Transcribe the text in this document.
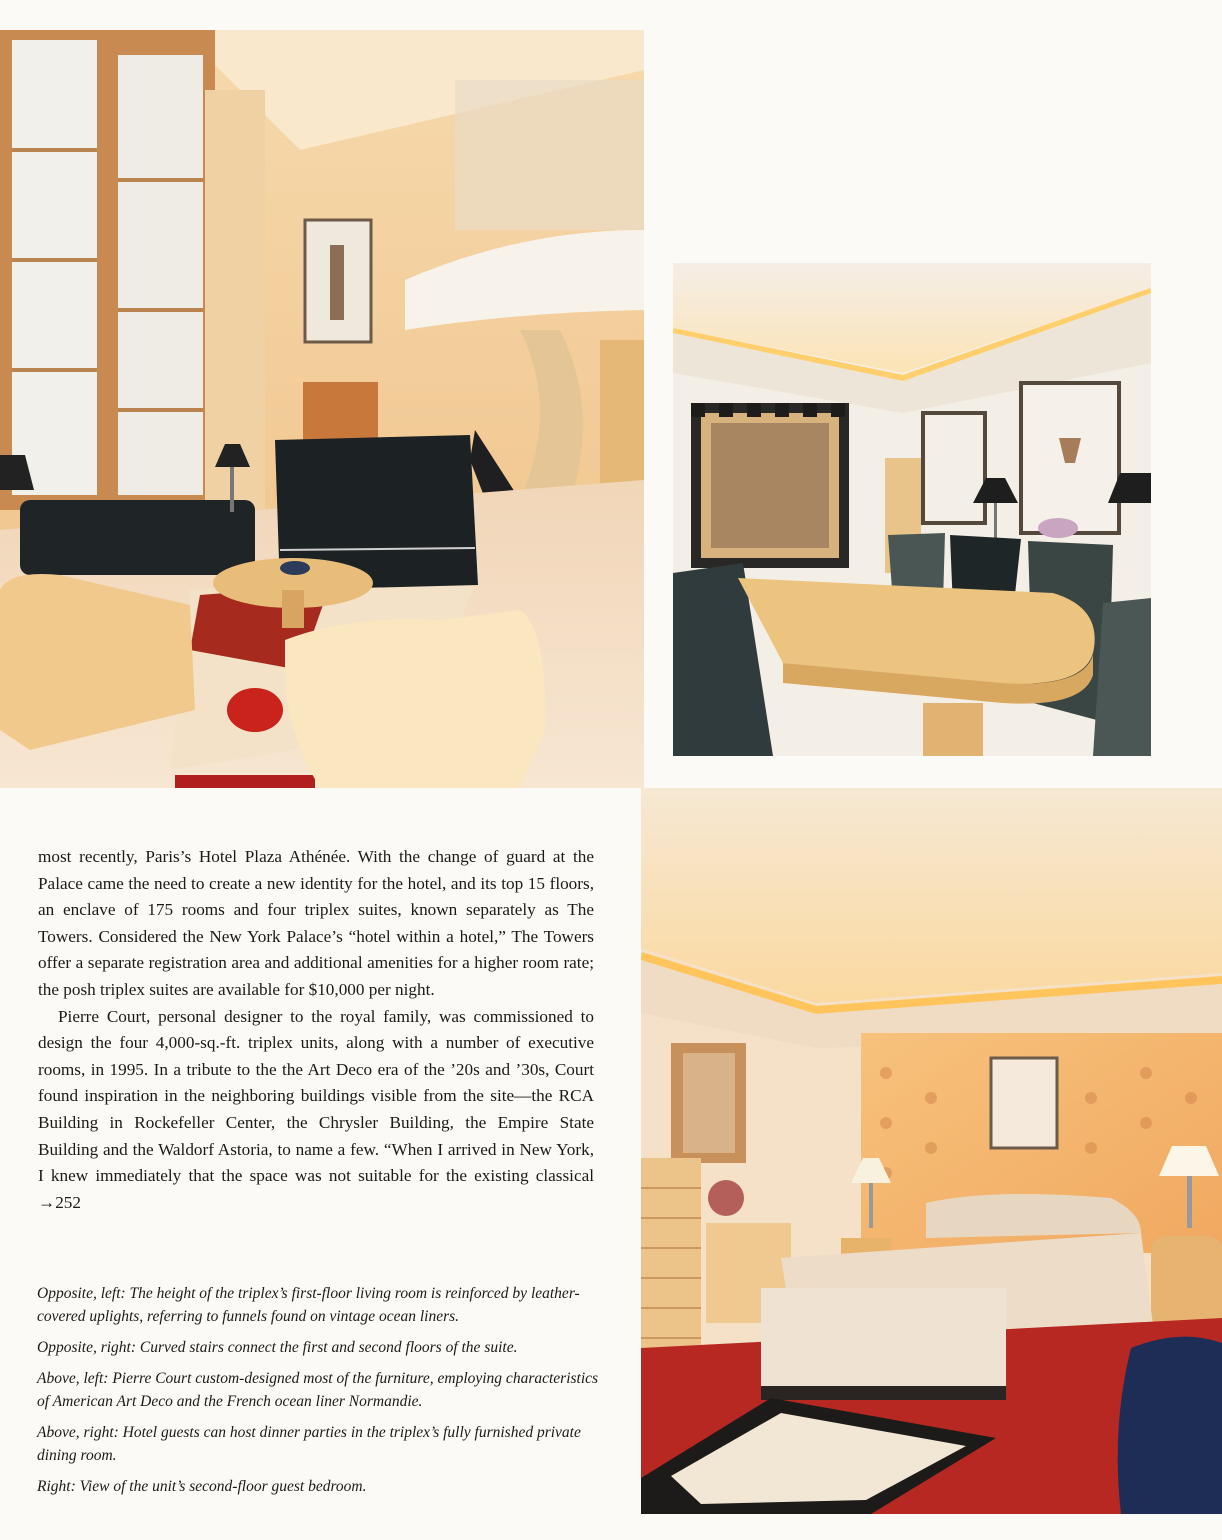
most recently, Paris’s Hotel Plaza Athénée. With the change of guard at the Palace came the need to create a new identity for the hotel, and its top 15 floors, an enclave of 175 rooms and four triplex suites, known separately as The Towers. Considered the New York Palace’s “hotel within a hotel,” The Towers offer a separate registration area and additional amenities for a higher room rate; the posh triplex suites are available for $10,000 per night.

Pierre Court, personal designer to the royal family, was commissioned to design the four 4,000-sq.-ft. triplex units, along with a number of executive rooms, in 1995. In a tribute to the the Art Deco era of the ’20s and ’30s, Court found inspiration in the neighboring buildings visible from the site—the RCA Building in Rockefeller Center, the Chrysler Building, the Empire State Building and the Waldorf Astoria, to name a few. “When I arrived in New York, I knew immediately that the space was not suitable for the existing classical →252

Opposite, left: The height of the triplex’s first-floor living room is reinforced by leather-covered uplights, referring to funnels found on vintage ocean liners.

Opposite, right: Curved stairs connect the first and second floors of the suite.

Above, left: Pierre Court custom-designed most of the furniture, employing characteristics of American Art Deco and the French ocean liner Normandie.

Above, right: Hotel guests can host dinner parties in the triplex’s fully furnished private dining room.

Right: View of the unit’s second-floor guest bedroom.
